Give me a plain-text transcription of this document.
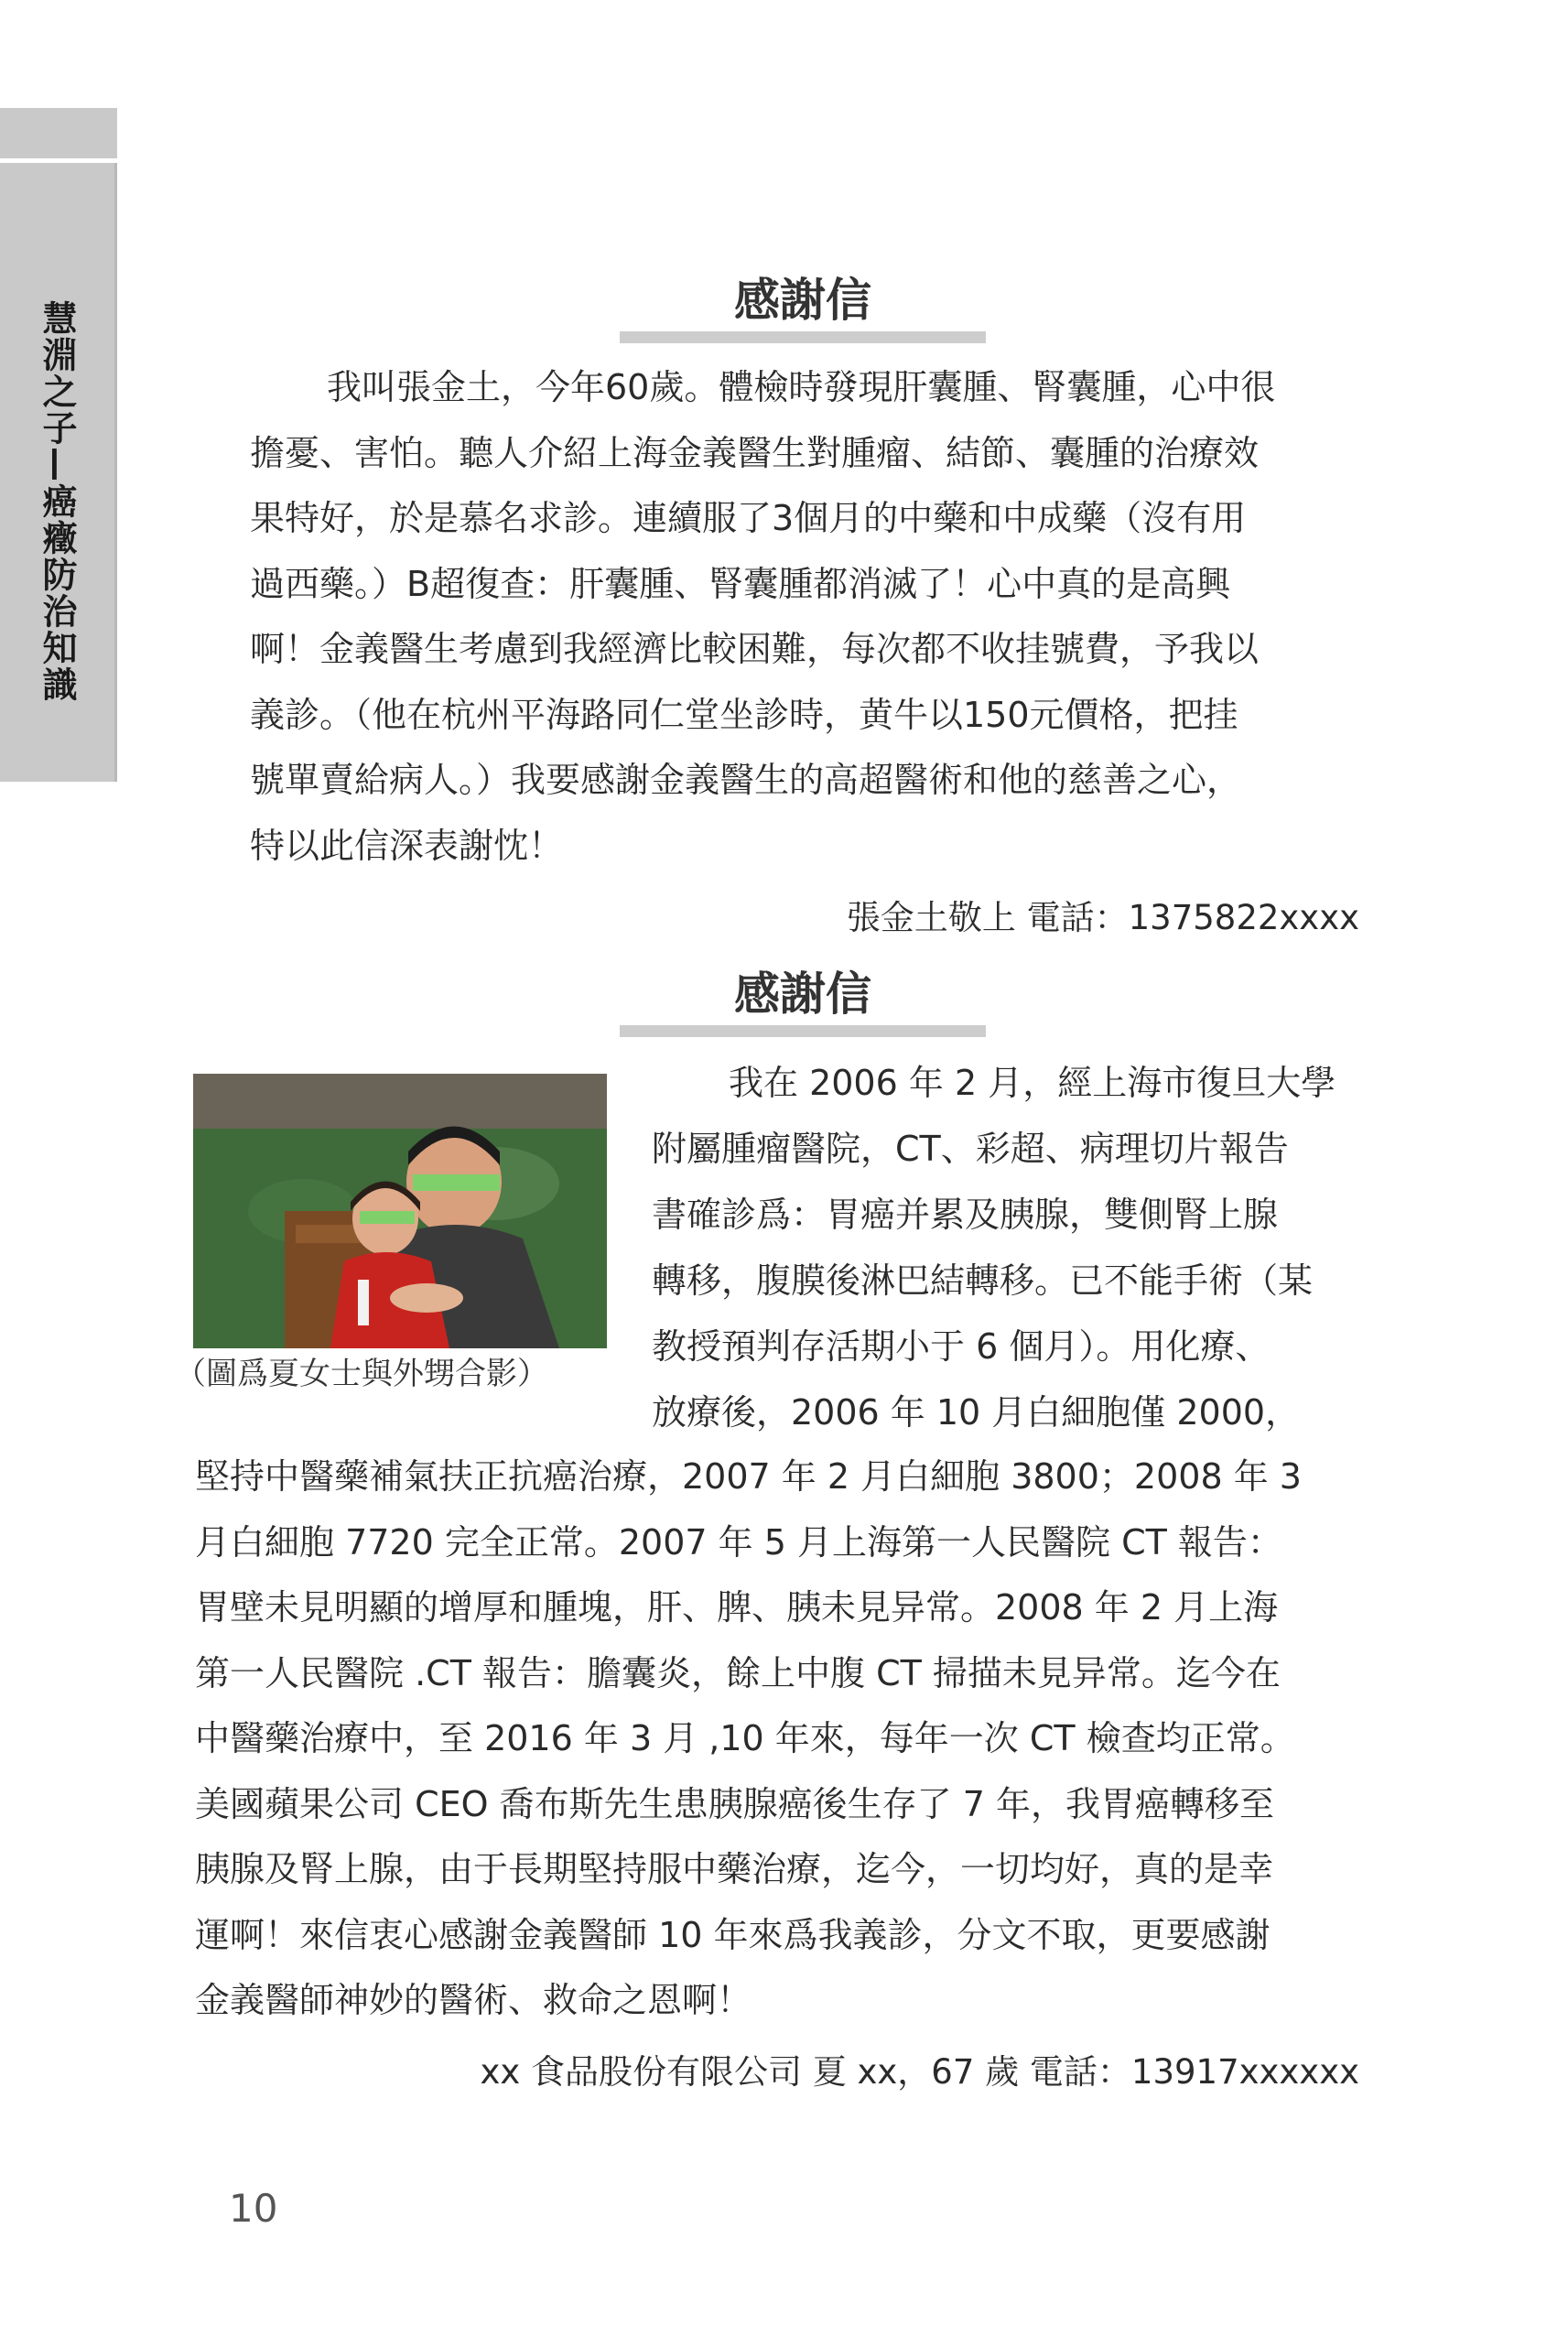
慧淵之子—癌癥防治知識
感謝信
我叫張金土，今年60歲。體檢時發現肝囊腫、腎囊腫，心中很
擔憂、害怕。聽人介紹上海金義醫生對腫瘤、結節、囊腫的治療效
果特好，於是慕名求診。連續服了3個月的中藥和中成藥（沒有用
過西藥。）B超復查：肝囊腫、腎囊腫都消滅了！心中真的是高興
啊！金義醫生考慮到我經濟比較困難，每次都不收挂號費，予我以
義診。（他在杭州平海路同仁堂坐診時，黄牛以150元價格，把挂
號單賣給病人。）我要感謝金義醫生的高超醫術和他的慈善之心，
特以此信深表謝忱！
張金土敬上 電話：1375822xxxx
感謝信
（圖爲夏女士與外甥合影）
我在 2006 年 2 月，經上海市復旦大學
附屬腫瘤醫院，CT、彩超、病理切片報告
書確診爲：胃癌并累及胰腺，雙側腎上腺
轉移，腹膜後淋巴結轉移。已不能手術（某
教授預判存活期小于 6 個月）。用化療、
放療後，2006 年 10 月白細胞僅 2000，
堅持中醫藥補氣扶正抗癌治療，2007 年 2 月白細胞 3800；2008 年 3
月白細胞 7720 完全正常。2007 年 5 月上海第一人民醫院 CT 報告：
胃壁未見明顯的增厚和腫塊，肝、脾、胰未見异常。2008 年 2 月上海
第一人民醫院 .CT 報告：膽囊炎，餘上中腹 CT 掃描未見异常。迄今在
中醫藥治療中，至 2016 年 3 月 ,10 年來，每年一次 CT 檢查均正常。
美國蘋果公司 CEO 喬布斯先生患胰腺癌後生存了 7 年，我胃癌轉移至
胰腺及腎上腺，由于長期堅持服中藥治療，迄今，一切均好，真的是幸
運啊！來信衷心感謝金義醫師 10 年來爲我義診，分文不取，更要感謝
金義醫師神妙的醫術、救命之恩啊！
xx 食品股份有限公司 夏 xx，67 歲 電話：13917xxxxxx
10
